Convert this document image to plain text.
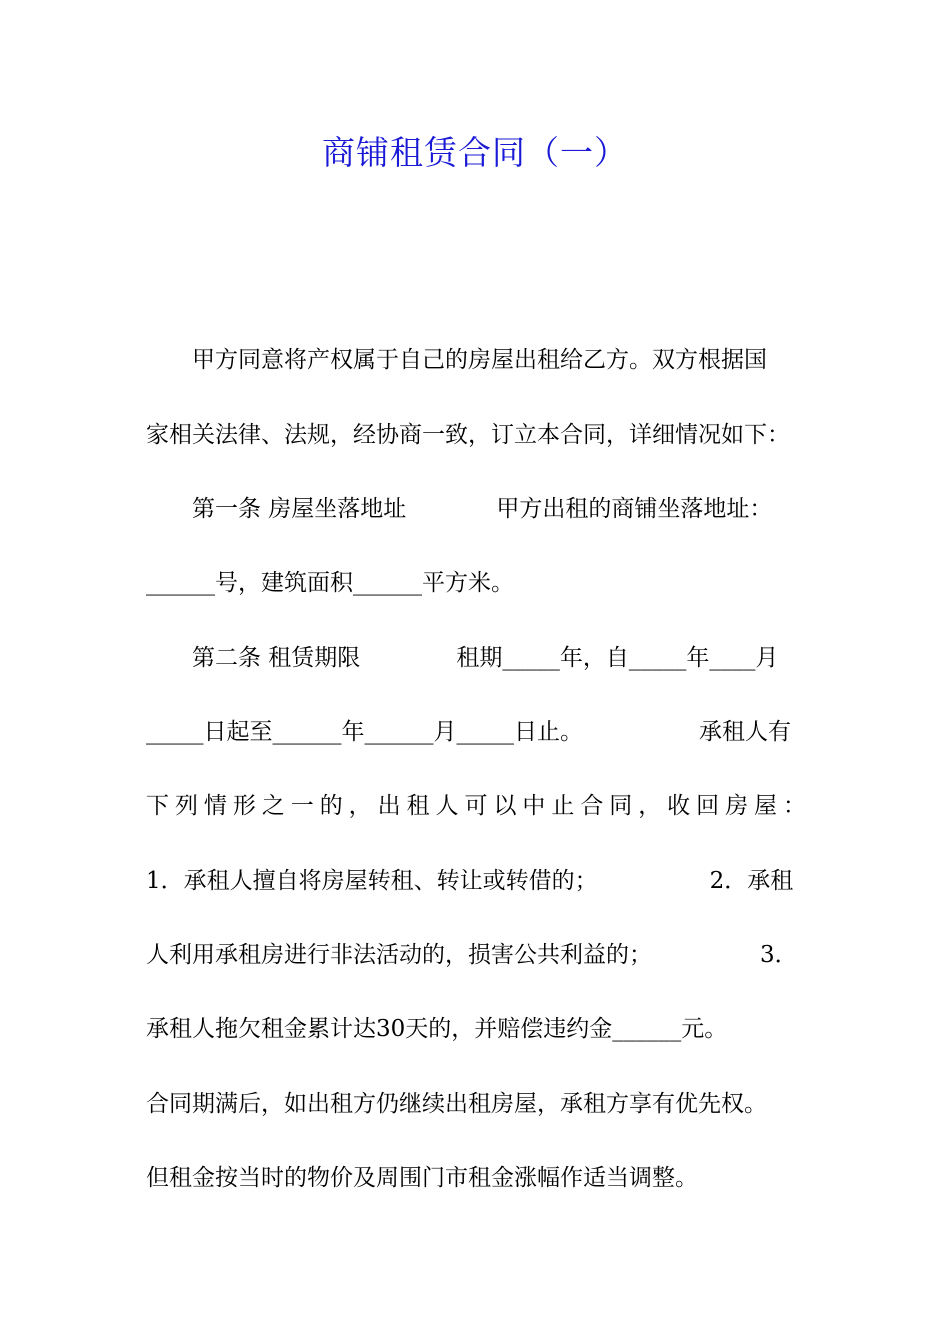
商铺租赁合同（一）
甲方同意将产权属于自己的房屋出租给乙方。双方根据国
家相关法律、法规，经协商一致，订立本合同，详细情况如下：
第一条 房屋坐落地址	甲方出租的商铺坐落地址：
______号，建筑面积______平方米。
第二条 租赁期限	租期_____年，自_____年____月
_____日起至______年______月_____日止。	承租人有
下列情形之一的，出租人可以中止合同，收回房屋：
1．承租人擅自将房屋转租、转让或转借的；	2．承租
人利用承租房进行非法活动的，损害公共利益的；	3．
承租人拖欠租金累计达30天的，并赔偿违约金______元。
合同期满后，如出租方仍继续出租房屋，承租方享有优先权。
但租金按当时的物价及周围门市租金涨幅作适当调整。
